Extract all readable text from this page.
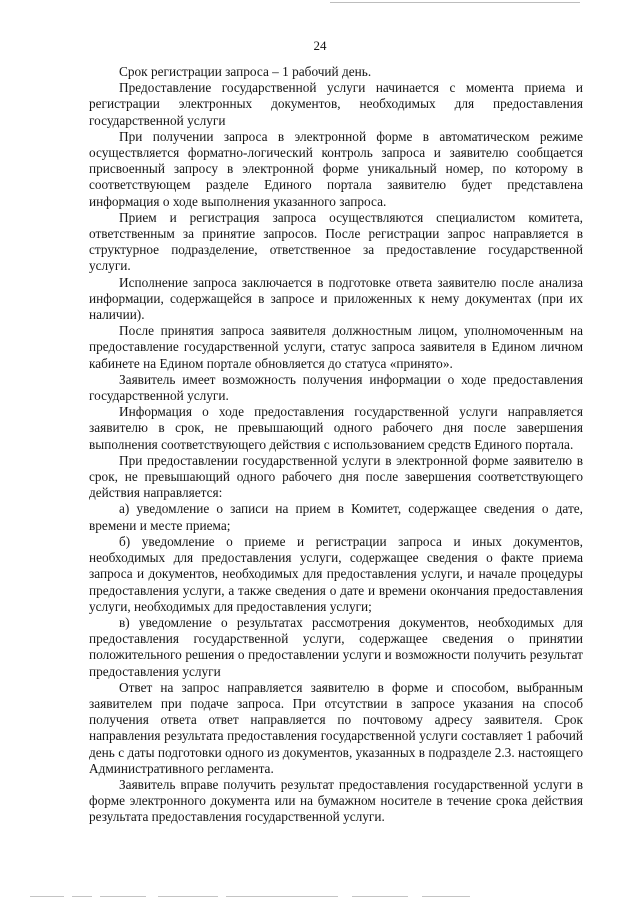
24

Срок регистрации запроса – 1 рабочий день.

Предоставление государственной услуги начинается с момента приема и регистрации электронных документов, необходимых для предоставления государственной услуги

При получении запроса в электронной форме в автоматическом режиме осуществляется форматно-логический контроль запроса и заявителю сообщается присвоенный запросу в электронной форме уникальный номер, по которому в соответствующем разделе Единого портала заявителю будет представлена информация о ходе выполнения указанного запроса.

Прием и регистрация запроса осуществляются специалистом комитета, ответственным за принятие запросов. После регистрации запрос направляется в структурное подразделение, ответственное за предоставление государственной услуги.

Исполнение запроса заключается в подготовке ответа заявителю после анализа информации, содержащейся в запросе и приложенных к нему документах (при их наличии).

После принятия запроса заявителя должностным лицом, уполномоченным на предоставление государственной услуги, статус запроса заявителя в Едином личном кабинете на Едином портале обновляется до статуса «принято».

Заявитель имеет возможность получения информации о ходе предоставления государственной услуги.

Информация о ходе предоставления государственной услуги направляется заявителю в срок, не превышающий одного рабочего дня после завершения выполнения соответствующего действия с использованием средств Единого портала.

При предоставлении государственной услуги в электронной форме заявителю в срок, не превышающий одного рабочего дня после завершения соответствующего действия направляется:

а) уведомление о записи на прием в Комитет, содержащее сведения о дате, времени и месте приема;

б) уведомление о приеме и регистрации запроса и иных документов, необходимых для предоставления услуги, содержащее сведения о факте приема запроса и документов, необходимых для предоставления услуги, и начале процедуры предоставления услуги, а также сведения о дате и времени окончания предоставления услуги, необходимых для предоставления услуги;

в) уведомление о результатах рассмотрения документов, необходимых для предоставления государственной услуги, содержащее сведения о принятии положительного решения о предоставлении услуги и возможности получить результат предоставления услуги

Ответ на запрос направляется заявителю в форме и способом, выбранным заявителем при подаче запроса. При отсутствии в запросе указания на способ получения ответа ответ направляется по почтовому адресу заявителя. Срок направления результата предоставления государственной услуги составляет 1 рабочий день с даты подготовки одного из документов, указанных в подразделе 2.3. настоящего Административного регламента.

Заявитель вправе получить результат предоставления государственной услуги в форме электронного документа или на бумажном носителе в течение срока действия результата предоставления государственной услуги.
